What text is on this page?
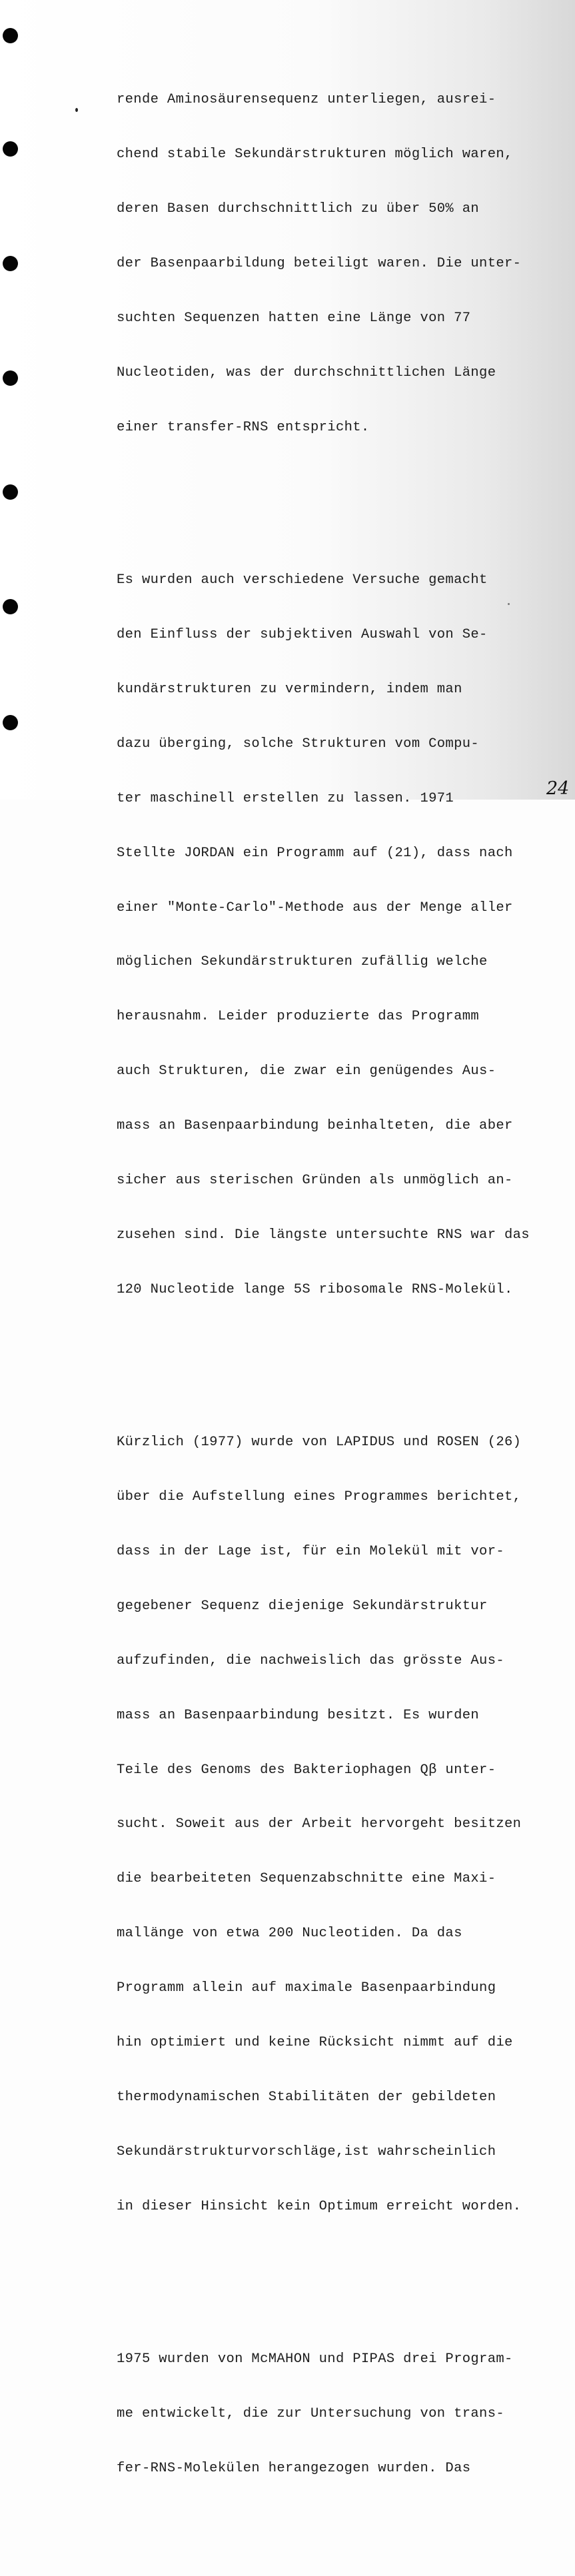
rende Aminosäurensequenz unterliegen, ausrei-

chend stabile Sekundärstrukturen möglich waren,

deren Basen durchschnittlich zu über 50% an

der Basenpaarbildung beteiligt waren. Die unter-

suchten Sequenzen hatten eine Länge von 77

Nucleotiden, was der durchschnittlichen Länge

einer transfer-RNS entspricht.

Es wurden auch verschiedene Versuche gemacht

den Einfluss der subjektiven Auswahl von Se-

kundärstrukturen zu vermindern, indem man

dazu überging, solche Strukturen vom Compu-

ter maschinell erstellen zu lassen. 1971

Stellte JORDAN ein Programm auf (21), dass nach

einer "Monte-Carlo"-Methode aus der Menge aller

möglichen Sekundärstrukturen zufällig welche

herausnahm. Leider produzierte das Programm

auch Strukturen, die zwar ein genügendes Aus-

mass an Basenpaarbindung beinhalteten, die aber

sicher aus sterischen Gründen als unmöglich an-

zusehen sind. Die längste untersuchte RNS war das

120 Nucleotide lange 5S ribosomale RNS-Molekül.

Kürzlich (1977) wurde von LAPIDUS und ROSEN (26)

über die Aufstellung eines Programmes berichtet,

dass in der Lage ist, für ein Molekül mit vor-

gegebener Sequenz diejenige Sekundärstruktur

aufzufinden, die nachweislich das grösste Aus-

mass an Basenpaarbindung besitzt. Es wurden

Teile des Genoms des Bakteriophagen Qβ unter-

sucht. Soweit aus der Arbeit hervorgeht besitzen

die bearbeiteten Sequenzabschnitte eine Maxi-

mallänge von etwa 200 Nucleotiden. Da das

Programm allein auf maximale Basenpaarbindung

hin optimiert und keine Rücksicht nimmt auf die

thermodynamischen Stabilitäten der gebildeten

Sekundärstrukturvorschläge,ist wahrscheinlich

in dieser Hinsicht kein Optimum erreicht worden.

1975 wurden von McMAHON und PIPAS drei Program-

me entwickelt, die zur Untersuchung von trans-

fer-RNS-Molekülen herangezogen wurden. Das

24
